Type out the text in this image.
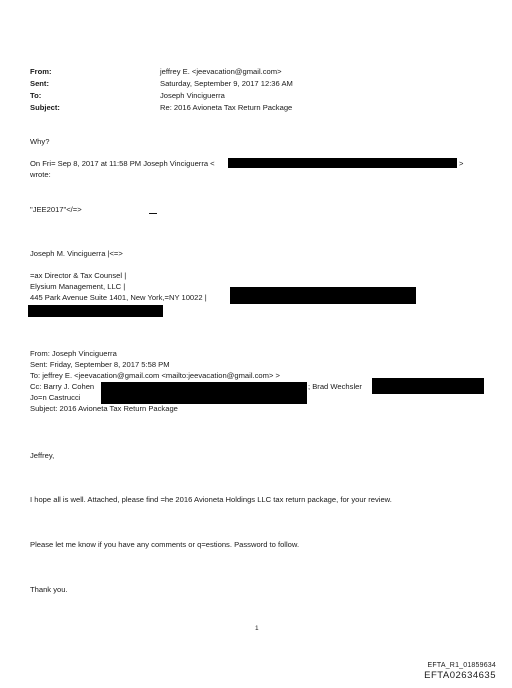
From:	jeffrey E. <jeevacation@gmail.com>
Sent:	Saturday, September 9, 2017 12:36 AM
To:	Joseph Vinciguerra
Subject:	Re: 2016 Avioneta Tax Return Package
Why?
On Fri= Sep 8, 2017 at 11:58 PM Joseph Vinciguerra <	>
wrote:
"JEE2017"</=>
Joseph M. Vinciguerra |<=>
=ax Director & Tax Counsel |
Elysium Management, LLC |
445 Park Avenue Suite 1401, New York,=NY 10022 |
From: Joseph Vinciguerra
Sent: Friday, September 8, 2017 5:58 PM
To: jeffrey E. <jeevacation@gmail.com <mailto:jeevacation@gmail.com> >
Cc: Barry J. Cohen	; Brad Wechsler
Jo=n Castrucci
Subject: 2016 Avioneta Tax Return Package
Jeffrey,
I hope all is well. Attached, please find =he 2016 Avioneta Holdings LLC tax return package, for your review.
Please let me know if you have any comments or q=estions. Password to follow.
Thank you.
1
EFTA_R1_01859634
EFTA02634635
